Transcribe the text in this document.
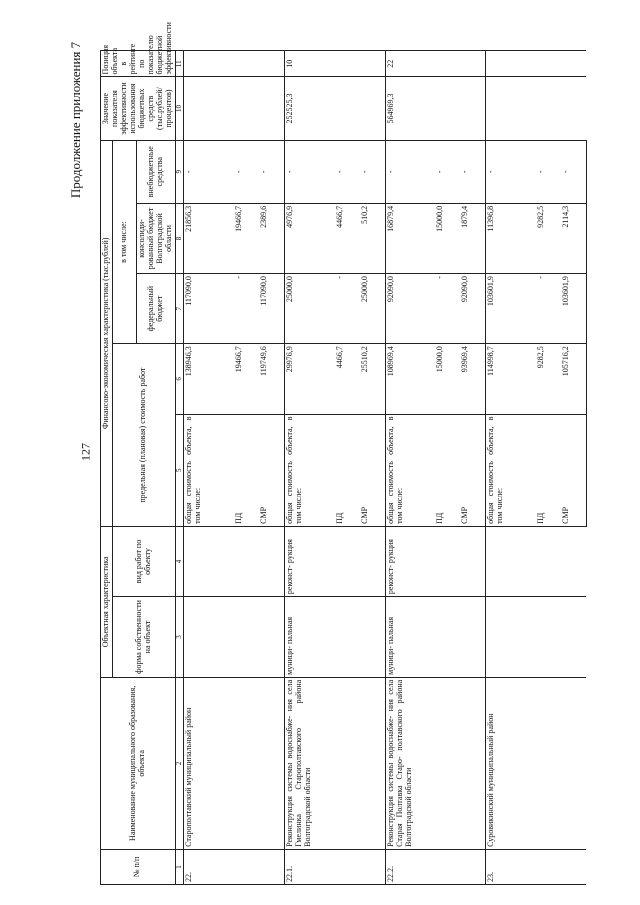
127
Продолжение приложения 7
№ п/п	Наименование муниципального образования, объекта	Объектная характеристика		Финансово-экономическая характеристика (тыс.рублей)					Значение показателя эффективности использования бюджетных средств (тыс.рублей/ процентов)	Позиция объекта в рейтинге по показателю бюджетной эффективности
		форма собственности на объект	вид работ по объекту	предельная (плановая) стоимость работ		в том числе:				
						федеральный бюджет	консолиди- рованный бюджет Волгоградской области	внебюджетные средства		
1	2	3	4	5	6	7	8	9	10	11
22.	Старополтавский муниципальный район			общая стоимость объекта, в том числе:	138946,3	117090,0	21856,3	-		
				ПД	19466,7	-	19466,7	-		
				СМР	119749,6	117090,0	2389,6	-		
22.1.	Реконструкция системы водоснабже- ния села Гмелинка Старополтавского района Волгоградской области	муници- пальная	реконст- рукция	общая стоимость объекта, в том числе:	29976,9	25000,0	4976,9	-	252525,3	10
				ПД	4466,7	-	4466,7	-		
				СМР	25510,2	25000,0	510,2	-		
22.2.	Реконструкция системы водоснабже- ния села Старая Полтавка Старо- полтавского района Волгоградской области	муници- пальная	реконст- рукция	общая стоимость объекта, в том числе:	108969,4	92090,0	16879,4	-	564969,3	22
				ПД	15000,0	-	15000,0	-		
				СМР	93969,4	92090,0	1879,4	-		
23.	Суровикинский муниципальный район			общая стоимость объекта, в том числе:	114998,7	103601,9	11396,8	-		
				ПД	9282,5	-	9282,5	-		
				СМР	105716,2	103601,9	2114,3	-		
